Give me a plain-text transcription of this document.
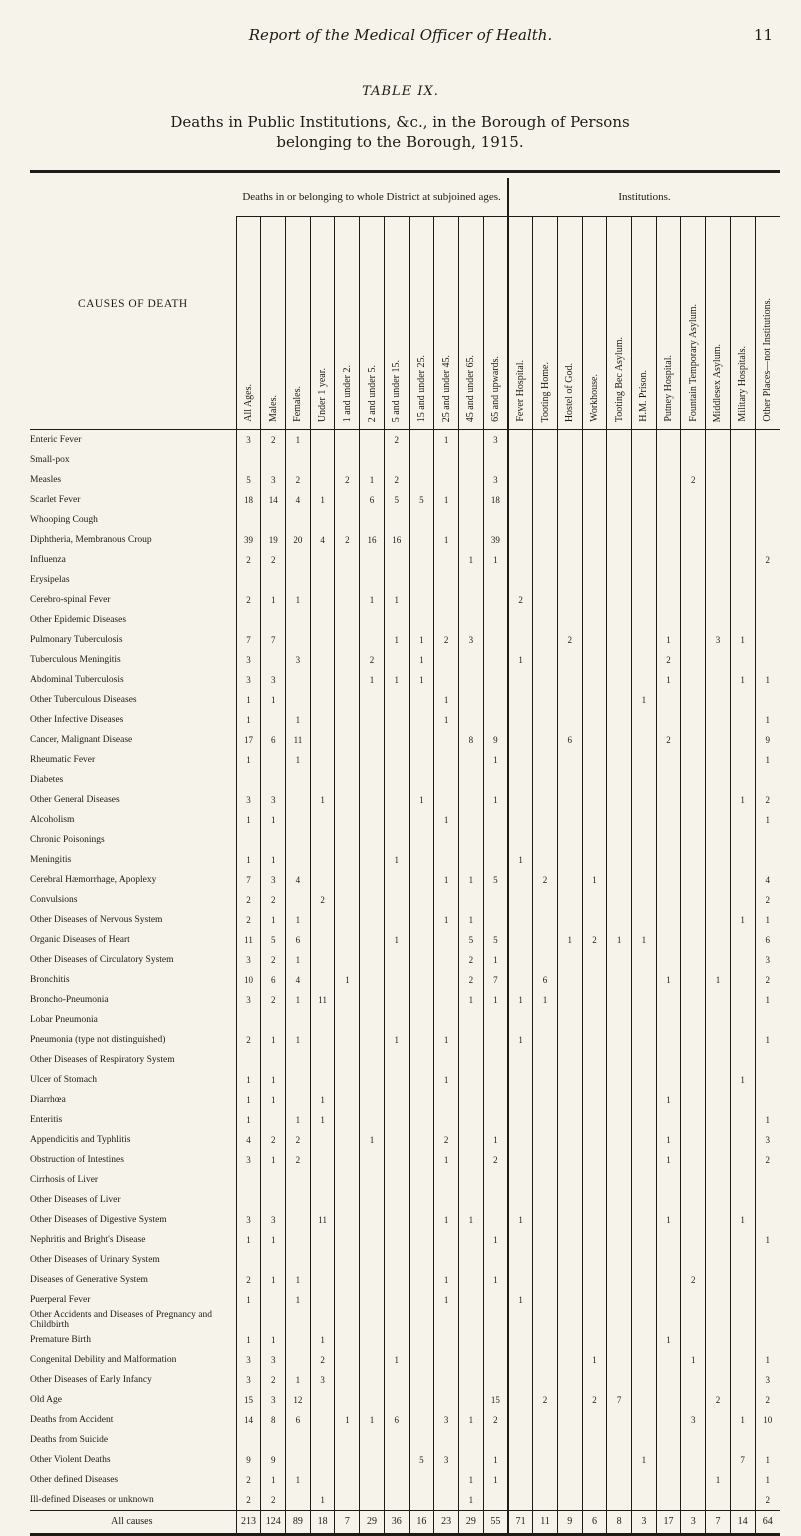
Report of the Medical Officer of Health.	11
TABLE IX.
Deaths in Public Institutions, &c., in the Borough of Persons
belonging to the Borough, 1915.
CAUSES OF DEATH	Deaths in or belonging to whole District at subjoined ages.											Institutions.										
	All Ages.	Males.	Females.	Under 1 year.	1 and under 2.	2 and under 5.	5 and under 15.	15 and under 25.	25 and under 45.	45 and under 65.	65 and upwards.	Fever Hospital.	Tooting Home.	Hostel of God.	Workhouse.	Tooting Bec Asylum.	H.M. Prison.	Putney Hospital.	Fountain Temporary Asylum.	Middlesex Asylum.	Military Hospitals.	Other Places—not Institutions.
Enteric Fever	3	2	1				2		1		3											
Small-pox																						
Measles	5	3	2		2	1	2				3								2			
Scarlet Fever	18	14	4	1		6	5	5	1		18											
Whooping Cough																						
Diphtheria, Membranous Croup	39	19	20	4	2	16	16		1		39											
Influenza	2	2								1	1											2
Erysipelas																						
Cerebro-spinal Fever	2	1	1			1	1					2										
Other Epidemic Diseases																						
Pulmonary Tuberculosis	7	7					1	1	2	3				2				1		3	1	
Tuberculous Meningitis	3		3			2		1				1						2				
Abdominal Tuberculosis	3	3				1	1	1										1			1	1
Other Tuberculous Diseases	1	1							1								1					
Other Infective Diseases	1		1						1													1
Cancer, Malignant Disease	17	6	11							8	9			6				2				9
Rheumatic Fever	1		1								1											1
Diabetes																						
Other General Diseases	3	3		1				1			1										1	2
Alcoholism	1	1							1													1
Chronic Poisonings																						
Meningitis	1	1					1					1										
Cerebral Hæmorrhage, Apoplexy	7	3	4						1	1	5		2		1							4
Convulsions	2	2		2																		2
Other Diseases of Nervous System	2	1	1						1	1											1	1
Organic Diseases of Heart	11	5	6				1			5	5			1	2	1	1					6
Other Diseases of Circulatory System	3	2	1							2	1											3
Bronchitis	10	6	4		1					2	7		6					1		1		2
Broncho-Pneumonia	3	2	1	11						1	1	1	1									1
Lobar Pneumonia																						
Pneumonia (type not distinguished)	2	1	1				1		1			1										1
Other Diseases of Respiratory System																						
Ulcer of Stomach	1	1							1												1	
Diarrhœa	1	1		1														1				
Enteritis	1		1	1																		1
Appendicitis and Typhlitis	4	2	2			1			2		1							1				3
Obstruction of Intestines	3	1	2						1		2							1				2
Cirrhosis of Liver																						
Other Diseases of Liver																						
Other Diseases of Digestive System	3	3		11					1	1		1						1			1	
Nephritis and Bright's Disease	1	1									1											1
Other Diseases of Urinary System																						
Diseases of Generative System	2	1	1						1		1								2			
Puerperal Fever	1		1						1			1										
Other Accidents and Diseases of Pregnancy and Childbirth																						
Premature Birth	1	1		1														1				
Congenital Debility and Malformation	3	3		2			1								1				1			1
Other Diseases of Early Infancy	3	2	1	3																		3
Old Age	15	3	12								15		2		2	7				2		2
Deaths from Accident	14	8	6		1	1	6		3	1	2								3		1	10
Deaths from Suicide																						
Other Violent Deaths	9	9						5	3		1						1				7	1
Other defined Diseases	2	1	1							1	1									1		1
Ill-defined Diseases or unknown	2	2		1						1												2
All causes	213	124	89	18	7	29	36	16	23	29	55	71	11	9	6	8	3	17	3	7	14	64
